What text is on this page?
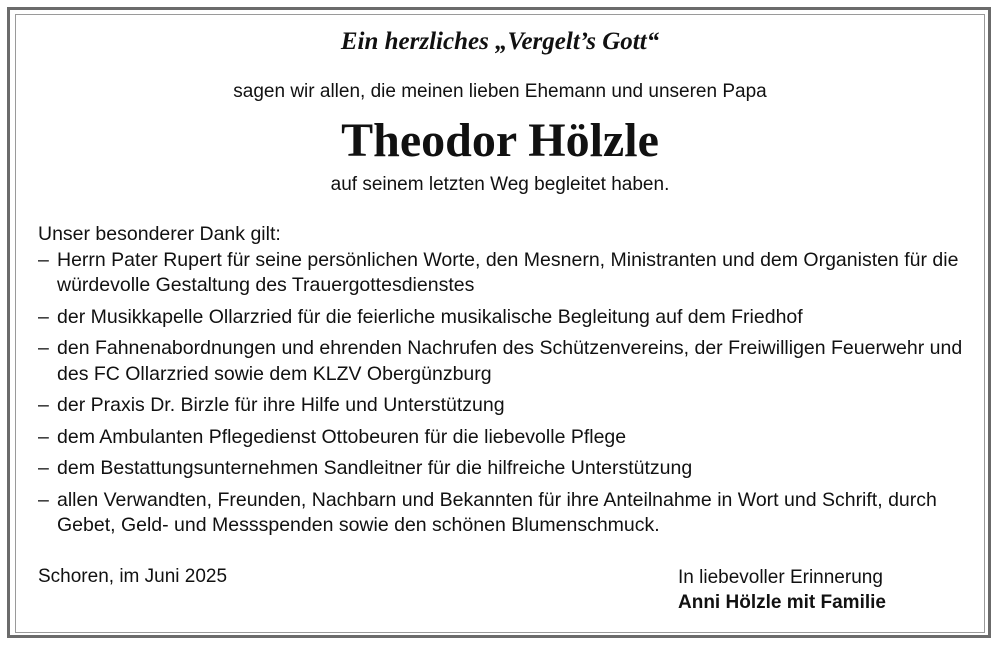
Ein herzliches „Vergelt’s Gott“
sagen wir allen, die meinen lieben Ehemann und unseren Papa
Theodor Hölzle
auf seinem letzten Weg begleitet haben.

Unser besonderer Dank gilt:

– Herrn Pater Rupert für seine persönlichen Worte, den Mesnern, Ministranten und dem Organisten für die würdevolle Gestaltung des Trauergottesdienstes
– der Musikkapelle Ollarzried für die feierliche musikalische Begleitung auf dem Friedhof
– den Fahnenabordnungen und ehrenden Nachrufen des Schützenvereins, der Freiwilligen Feuerwehr und des FC Ollarzried sowie dem KLZV Obergünzburg
– der Praxis Dr. Birzle für ihre Hilfe und Unterstützung
– dem Ambulanten Pflegedienst Ottobeuren für die liebevolle Pflege
– dem Bestattungsunternehmen Sandleitner für die hilfreiche Unterstützung
– allen Verwandten, Freunden, Nachbarn und Bekannten für ihre Anteilnahme in Wort und Schrift, durch Gebet, Geld- und Messspenden sowie den schönen Blumenschmuck.
Schoren, im Juni 2025	In liebevoller Erinnerung
Anni Hölzle mit Familie
